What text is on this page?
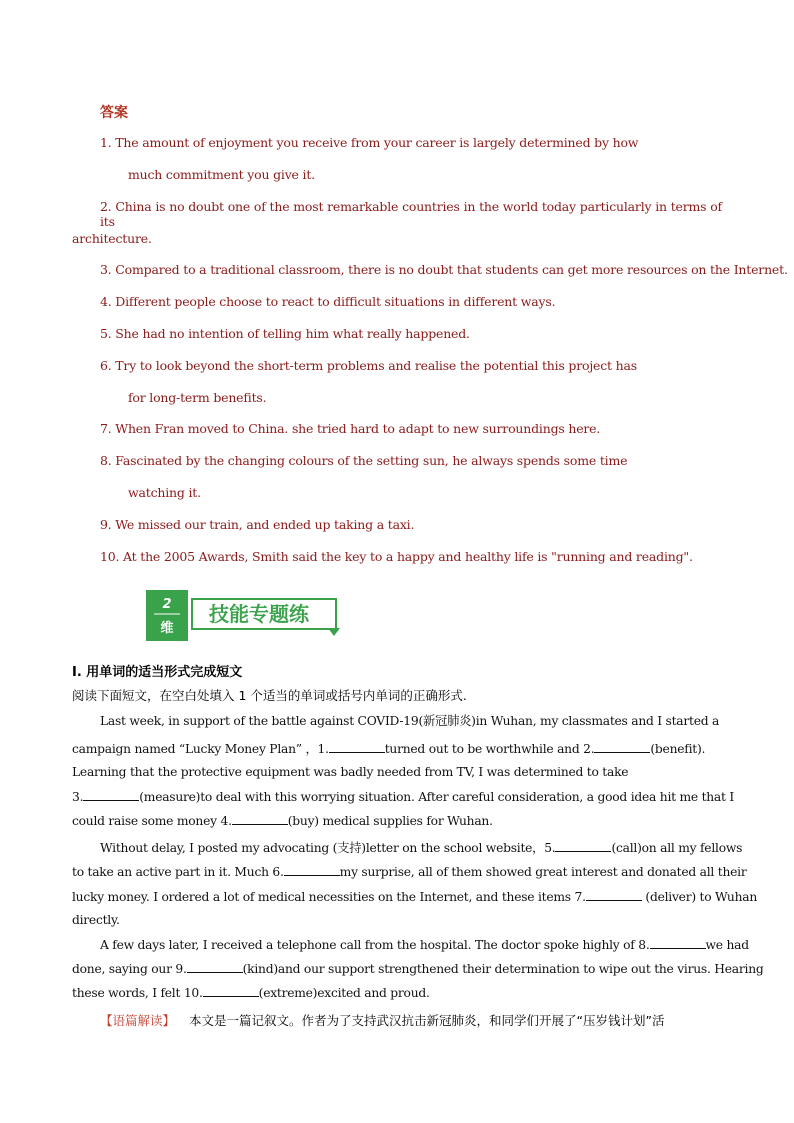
答案
1. The amount of enjoyment you receive from your career is largely determined by how
much commitment you give it.
2. China is no doubt one of the most remarkable countries in the world today particularly in terms of its
architecture.
3. Compared to a traditional classroom, there is no doubt that students can get more resources on the Internet.
4. Different people choose to react to difficult situations in different ways.
5. She had no intention of telling him what really happened.
6. Try to look beyond the short-term problems and realise the potential this project has
for long-term benefits.
7. When Fran moved to China. she tried hard to adapt to new surroundings here.
8. Fascinated by the changing colours of the setting sun, he always spends some time
watching it.
9. We missed our train, and ended up taking a taxi.
10. At the 2005 Awards, Smith said the key to a happy and healthy life is "running and reading".
2
维
技能专题练
I. 用单词的适当形式完成短文
阅读下面短文，在空白处填入 1 个适当的单词或括号内单词的正确形式.
Last week, in support of the battle against COVID-19(新冠肺炎)in Wuhan, my classmates and I started a
campaign named “Lucky Money Plan” ，1.	turned out to be worthwhile and 2.	(benefit).
Learning that the protective equipment was badly needed from TV, I was determined to take
3.	(measure)to deal with this worrying situation. After careful consideration, a good idea hit me that I
could raise some money 4.	(buy) medical supplies for Wuhan.
Without delay, I posted my advocating (支持)letter on the school website，5.	(call)on all my fellows
to take an active part in it. Much 6.	my surprise, all of them showed great interest and donated all their
lucky money. I ordered a lot of medical necessities on the Internet, and these items 7.	(deliver) to Wuhan
directly.
A few days later, I received a telephone call from the hospital. The doctor spoke highly of 8.	we had
done, saying our 9.	(kind)and our support strengthened their determination to wipe out the virus. Hearing
these words, I felt 10.	(extreme)excited and proud.
【语篇解读】 本文是一篇记叙文。作者为了支持武汉抗击新冠肺炎，和同学们开展了“压岁钱计划”活
